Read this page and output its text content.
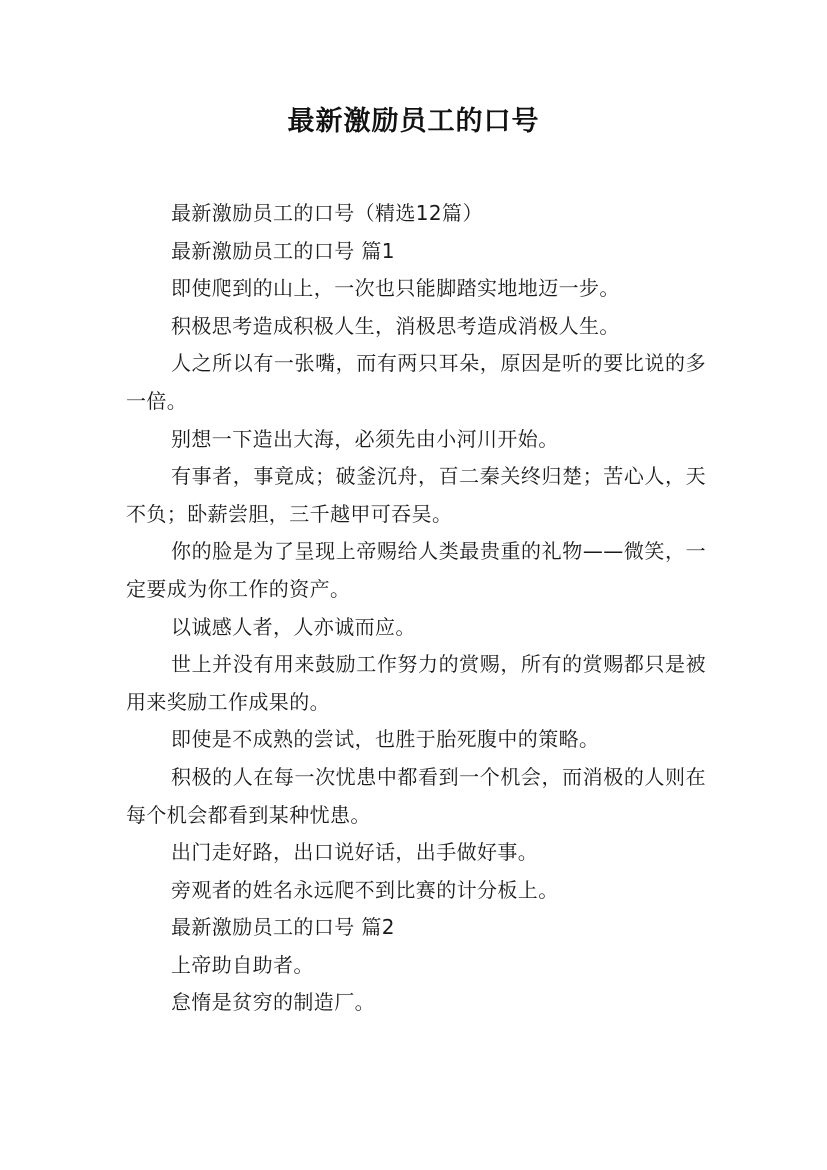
最新激励员工的口号

最新激励员工的口号（精选12篇）

最新激励员工的口号 篇1

即使爬到的山上，一次也只能脚踏实地地迈一步。

积极思考造成积极人生，消极思考造成消极人生。

人之所以有一张嘴，而有两只耳朵，原因是听的要比说的多一倍。

别想一下造出大海，必须先由小河川开始。

有事者，事竟成；破釜沉舟，百二秦关终归楚；苦心人，天不负；卧薪尝胆，三千越甲可吞吴。

你的脸是为了呈现上帝赐给人类最贵重的礼物——微笑，一定要成为你工作的资产。

以诚感人者，人亦诚而应。

世上并没有用来鼓励工作努力的赏赐，所有的赏赐都只是被用来奖励工作成果的。

即使是不成熟的尝试，也胜于胎死腹中的策略。

积极的人在每一次忧患中都看到一个机会，而消极的人则在每个机会都看到某种忧患。

出门走好路，出口说好话，出手做好事。

旁观者的姓名永远爬不到比赛的计分板上。

最新激励员工的口号 篇2

上帝助自助者。

怠惰是贫穷的制造厂。
